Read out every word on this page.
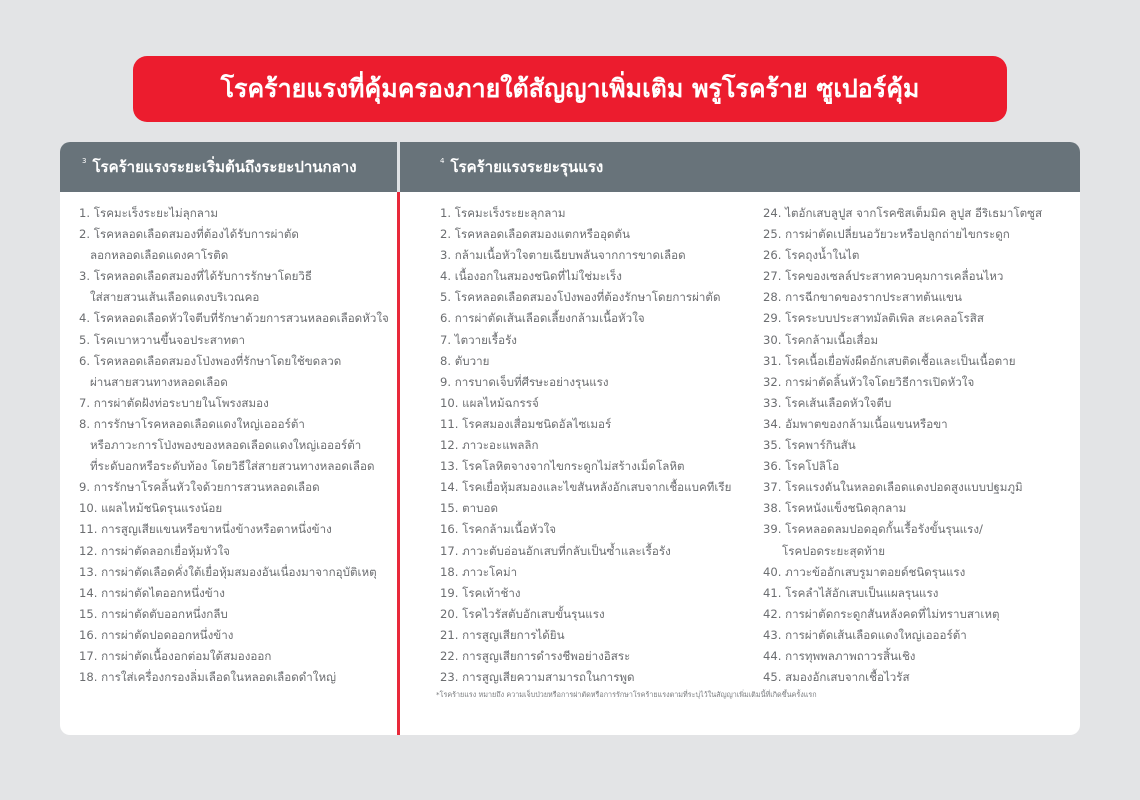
โรคร้ายแรงที่คุ้มครองภายใต้สัญญาเพิ่มเติม พรูโรคร้าย ซูเปอร์คุ้ม
$^3$ โรคร้ายแรงระยะเริ่มต้นถึงระยะปานกลาง	$^4$ โรคร้ายแรงระยะรุนแรง
1. โรคมะเร็งระยะไม่ลุกลาม
2. โรคหลอดเลือดสมองที่ต้องได้รับการผ่าตัด
ลอกหลอดเลือดแดงคาโรติด
3. โรคหลอดเลือดสมองที่ได้รับการรักษาโดยวิธี
ใส่สายสวนเส้นเลือดแดงบริเวณคอ
4. โรคหลอดเลือดหัวใจตีบที่รักษาด้วยการสวนหลอดเลือดหัวใจ
5. โรคเบาหวานขึ้นจอประสาทตา
6. โรคหลอดเลือดสมองโป่งพองที่รักษาโดยใช้ขดลวด
ผ่านสายสวนทางหลอดเลือด
7. การผ่าตัดฝังท่อระบายในโพรงสมอง
8. การรักษาโรคหลอดเลือดแดงใหญ่เอออร์ต้า
หรือภาวะการโป่งพองของหลอดเลือดแดงใหญ่เอออร์ต้า
ที่ระดับอกหรือระดับท้อง โดยวิธีใส่สายสวนทางหลอดเลือด
9. การรักษาโรคลิ้นหัวใจด้วยการสวนหลอดเลือด
10. แผลไหม้ชนิดรุนแรงน้อย
11. การสูญเสียแขนหรือขาหนึ่งข้างหรือตาหนึ่งข้าง
12. การผ่าตัดลอกเยื่อหุ้มหัวใจ
13. การผ่าตัดเลือดคั่งใต้เยื่อหุ้มสมองอันเนื่องมาจากอุบัติเหตุ
14. การผ่าตัดไตออกหนึ่งข้าง
15. การผ่าตัดตับออกหนึ่งกลีบ
16. การผ่าตัดปอดออกหนึ่งข้าง
17. การผ่าตัดเนื้องอกต่อมใต้สมองออก
18. การใส่เครื่องกรองลิ่มเลือดในหลอดเลือดดำใหญ่
1. โรคมะเร็งระยะลุกลาม
2. โรคหลอดเลือดสมองแตกหรืออุดตัน
3. กล้ามเนื้อหัวใจตายเฉียบพลันจากการขาดเลือด
4. เนื้องอกในสมองชนิดที่ไม่ใช่มะเร็ง
5. โรคหลอดเลือดสมองโป่งพองที่ต้องรักษาโดยการผ่าตัด
6. การผ่าตัดเส้นเลือดเลี้ยงกล้ามเนื้อหัวใจ
7. ไตวายเรื้อรัง
8. ตับวาย
9. การบาดเจ็บที่ศีรษะอย่างรุนแรง
10. แผลไหม้ฉกรรจ์
11. โรคสมองเสื่อมชนิดอัลไซเมอร์
12. ภาวะอะแพลลิก
13. โรคโลหิตจางจากไขกระดูกไม่สร้างเม็ดโลหิต
14. โรคเยื่อหุ้มสมองและไขสันหลังอักเสบจากเชื้อแบคทีเรีย
15. ตาบอด
16. โรคกล้ามเนื้อหัวใจ
17. ภาวะตับอ่อนอักเสบที่กลับเป็นซ้ำและเรื้อรัง
18. ภาวะโคม่า
19. โรคเท้าช้าง
20. โรคไวรัสตับอักเสบขั้นรุนแรง
21. การสูญเสียการได้ยิน
22. การสูญเสียการดำรงชีพอย่างอิสระ
23. การสูญเสียความสามารถในการพูด
24. ไตอักเสบลูปูส จากโรคซิสเต็มมิค ลูปูส อีริเธมาโตซูส
25. การผ่าตัดเปลี่ยนอวัยวะหรือปลูกถ่ายไขกระดูก
26. โรคถุงน้ำในไต
27. โรคของเซลล์ประสาทควบคุมการเคลื่อนไหว
28. การฉีกขาดของรากประสาทต้นแขน
29. โรคระบบประสาทมัลติเพิล สะเคลอโรสิส
30. โรคกล้ามเนื้อเสื่อม
31. โรคเนื้อเยื่อพังผืดอักเสบติดเชื้อและเป็นเนื้อตาย
32. การผ่าตัดลิ้นหัวใจโดยวิธีการเปิดหัวใจ
33. โรคเส้นเลือดหัวใจตีบ
34. อัมพาตของกล้ามเนื้อแขนหรือขา
35. โรคพาร์กินสัน
36. โรคโปลิโอ
37. โรคแรงดันในหลอดเลือดแดงปอดสูงแบบปฐมภูมิ
38. โรคหนังแข็งชนิดลุกลาม
39. โรคหลอดลมปอดอุดกั้นเรื้อรังขั้นรุนแรง/
โรคปอดระยะสุดท้าย
40. ภาวะข้ออักเสบรูมาตอยด์ชนิดรุนแรง
41. โรคลำไส้อักเสบเป็นแผลรุนแรง
42. การผ่าตัดกระดูกสันหลังคดที่ไม่ทราบสาเหตุ
43. การผ่าตัดเส้นเลือดแดงใหญ่เอออร์ต้า
44. การทุพพลภาพถาวรสิ้นเชิง
45. สมองอักเสบจากเชื้อไวรัส
*โรคร้ายแรง หมายถึง ความเจ็บป่วยหรือการผ่าตัดหรือการรักษาโรคร้ายแรงตามที่ระบุไว้ในสัญญาเพิ่มเติมนี้ที่เกิดขึ้นครั้งแรก
